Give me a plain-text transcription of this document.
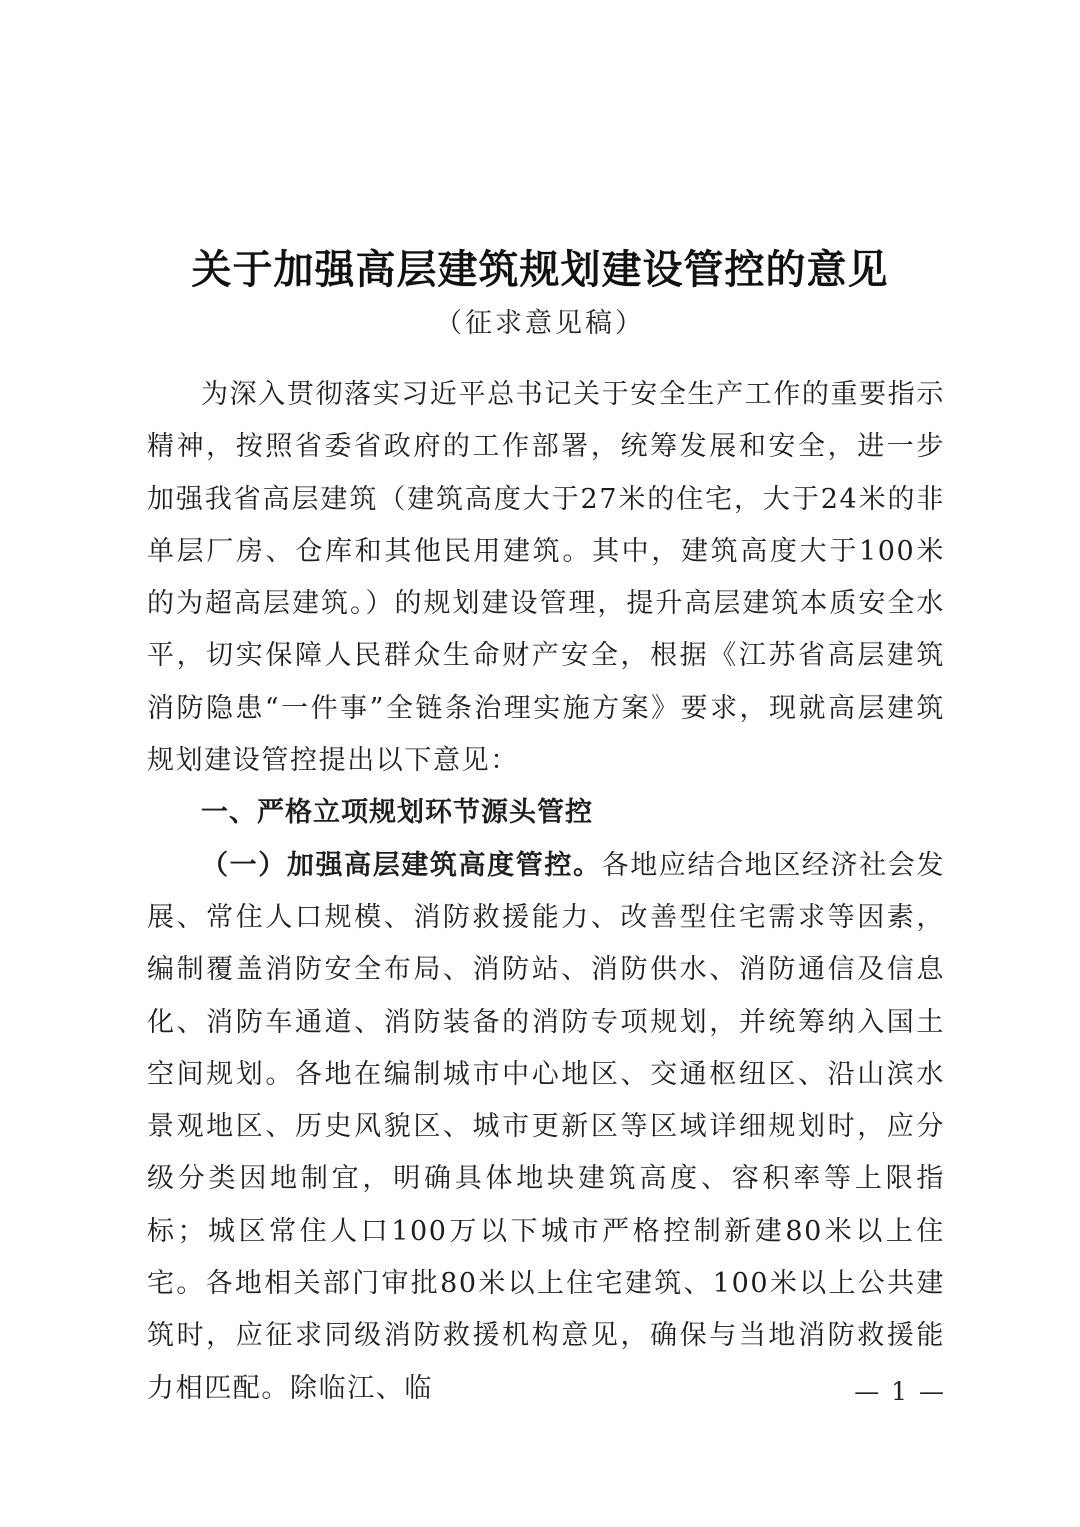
关于加强高层建筑规划建设管控的意见
（征求意见稿）

为深入贯彻落实习近平总书记关于安全生产工作的重要指示精神，按照省委省政府的工作部署，统筹发展和安全，进一步加强我省高层建筑（建筑高度大于27米的住宅，大于24米的非单层厂房、仓库和其他民用建筑。其中，建筑高度大于100米的为超高层建筑。）的规划建设管理，提升高层建筑本质安全水平，切实保障人民群众生命财产安全，根据《江苏省高层建筑消防隐患“一件事”全链条治理实施方案》要求，现就高层建筑规划建设管控提出以下意见：

一、严格立项规划环节源头管控

（一）加强高层建筑高度管控。各地应结合地区经济社会发展、常住人口规模、消防救援能力、改善型住宅需求等因素，编制覆盖消防安全布局、消防站、消防供水、消防通信及信息化、消防车通道、消防装备的消防专项规划，并统筹纳入国土空间规划。各地在编制城市中心地区、交通枢纽区、沿山滨水景观地区、历史风貌区、城市更新区等区域详细规划时，应分级分类因地制宜，明确具体地块建筑高度、容积率等上限指标；城区常住人口100万以下城市严格控制新建80米以上住宅。各地相关部门审批80米以上住宅建筑、100米以上公共建筑时，应征求同级消防救援机构意见，确保与当地消防救援能力相匹配。除临江、临	— 1 —
